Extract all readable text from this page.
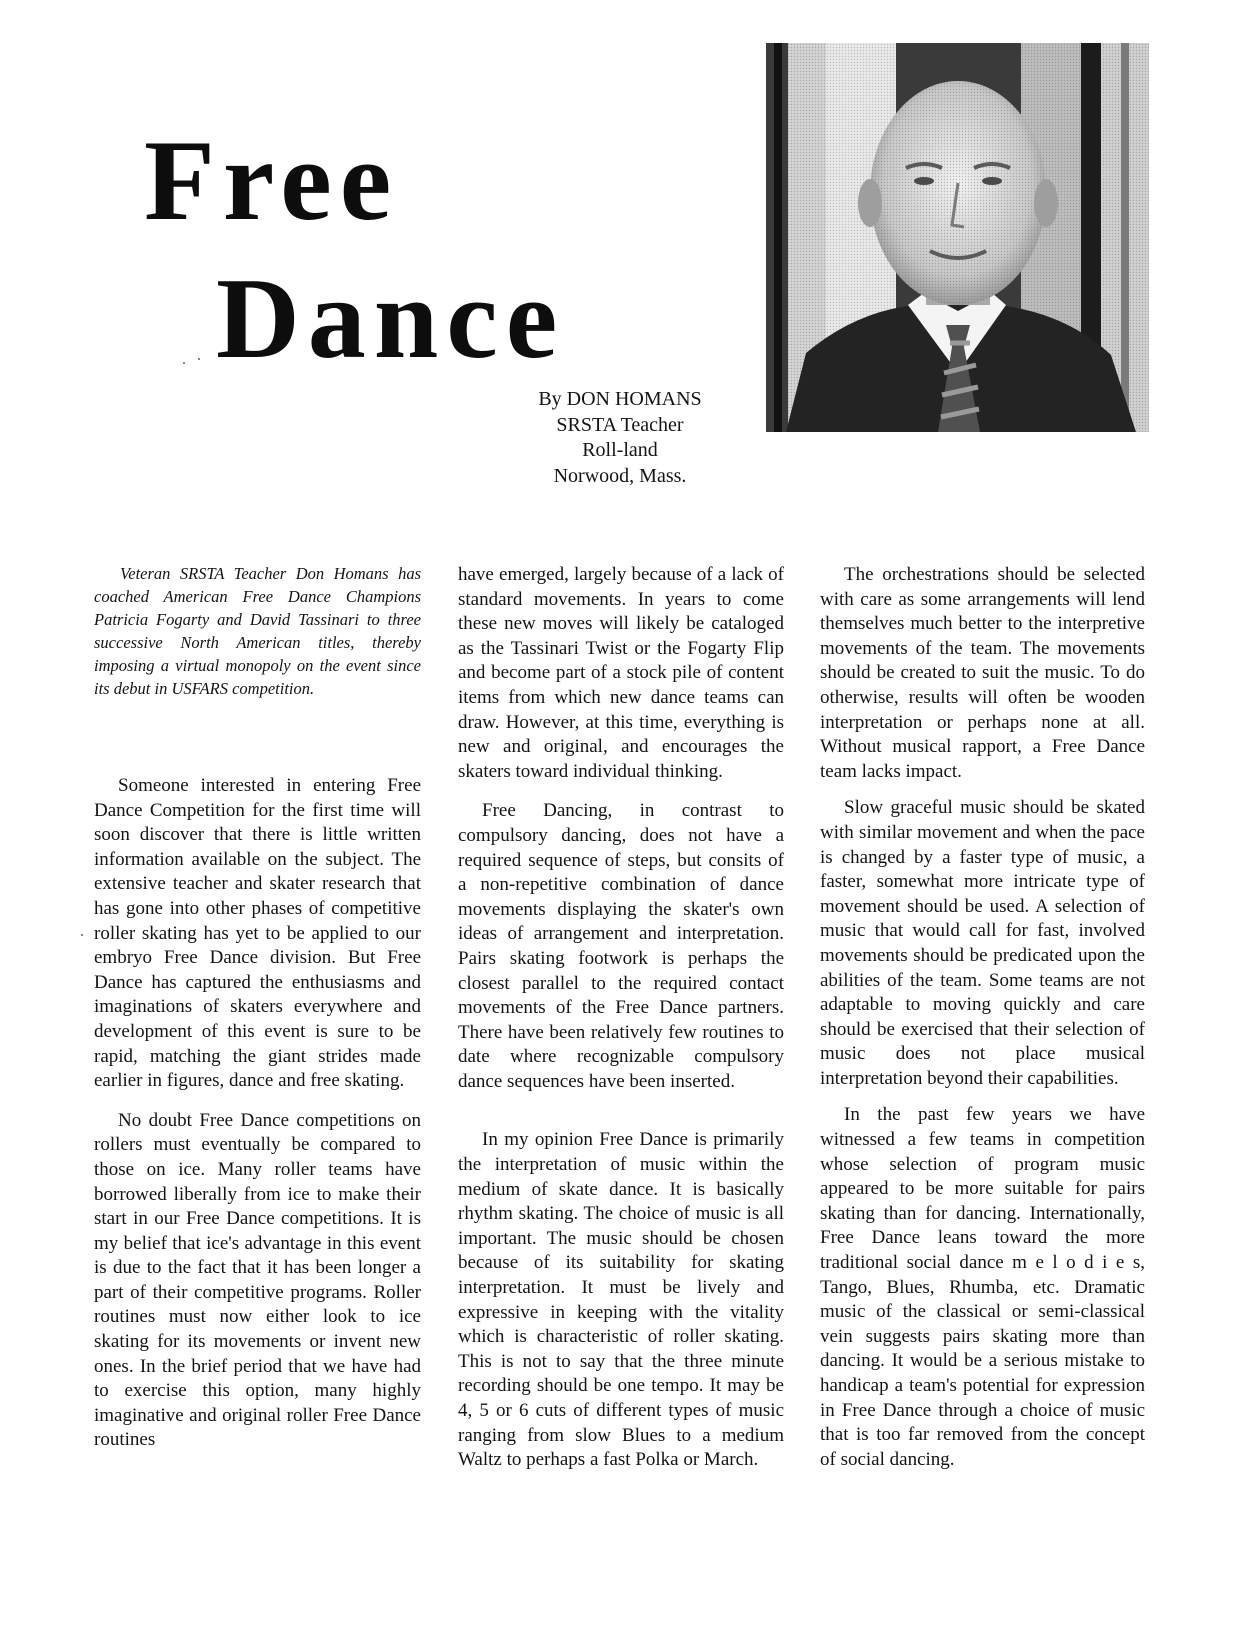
Free
Dance
By DON HOMANS
SRSTA Teacher
Roll-land
Norwood, Mass.

Veteran SRSTA Teacher Don Homans has coached American Free Dance Champions Patricia Fogarty and David Tassinari to three successive North American titles, thereby imposing a virtual monopoly on the event since its debut in USFARS competition.

Someone interested in entering Free Dance Competition for the first time will soon discover that there is little written information available on the subject. The extensive teacher and skater research that has gone into other phases of competitive roller skating has yet to be applied to our embryo Free Dance division. But Free Dance has captured the enthusiasms and imaginations of skaters everywhere and development of this event is sure to be rapid, matching the giant strides made earlier in figures, dance and free skating.

No doubt Free Dance competitions on rollers must eventually be compared to those on ice. Many roller teams have borrowed liberally from ice to make their start in our Free Dance competitions. It is my belief that ice's advantage in this event is due to the fact that it has been longer a part of their competitive programs. Roller routines must now either look to ice skating for its movements or invent new ones. In the brief period that we have had to exercise this option, many highly imaginative and original roller Free Dance routines

have emerged, largely because of a lack of standard movements. In years to come these new moves will likely be cataloged as the Tassinari Twist or the Fogarty Flip and become part of a stock pile of content items from which new dance teams can draw. However, at this time, everything is new and original, and encourages the skaters toward individual thinking.

Free Dancing, in contrast to compulsory dancing, does not have a required sequence of steps, but consits of a non-repetitive combination of dance movements displaying the skater's own ideas of arrangement and interpretation. Pairs skating footwork is perhaps the closest parallel to the required contact movements of the Free Dance partners. There have been relatively few routines to date where recognizable compulsory dance sequences have been inserted.

In my opinion Free Dance is primarily the interpretation of music within the medium of skate dance. It is basically rhythm skating. The choice of music is all important. The music should be chosen because of its suitability for skating interpretation. It must be lively and expressive in keeping with the vitality which is characteristic of roller skating. This is not to say that the three minute recording should be one tempo. It may be 4, 5 or 6 cuts of different types of music ranging from slow Blues to a medium Waltz to perhaps a fast Polka or March.

The orchestrations should be selected with care as some arrangements will lend themselves much better to the interpretive movements of the team. The movements should be created to suit the music. To do otherwise, results will often be wooden interpretation or perhaps none at all. Without musical rapport, a Free Dance team lacks impact.

Slow graceful music should be skated with similar movement and when the pace is changed by a faster type of music, a faster, somewhat more intricate type of movement should be used. A selection of music that would call for fast, involved movements should be predicated upon the abilities of the team. Some teams are not adaptable to moving quickly and care should be exercised that their selection of music does not place musical interpretation beyond their capabilities.

In the past few years we have witnessed a few teams in competition whose selection of program music appeared to be more suitable for pairs skating than for dancing. Internationally, Free Dance leans toward the more traditional social dance m e l o d i e s, Tango, Blues, Rhumba, etc. Dramatic music of the classical or semi-classical vein suggests pairs skating more than dancing. It would be a serious mistake to handicap a team's potential for expression in Free Dance through a choice of music that is too far removed from the concept of social dancing.
